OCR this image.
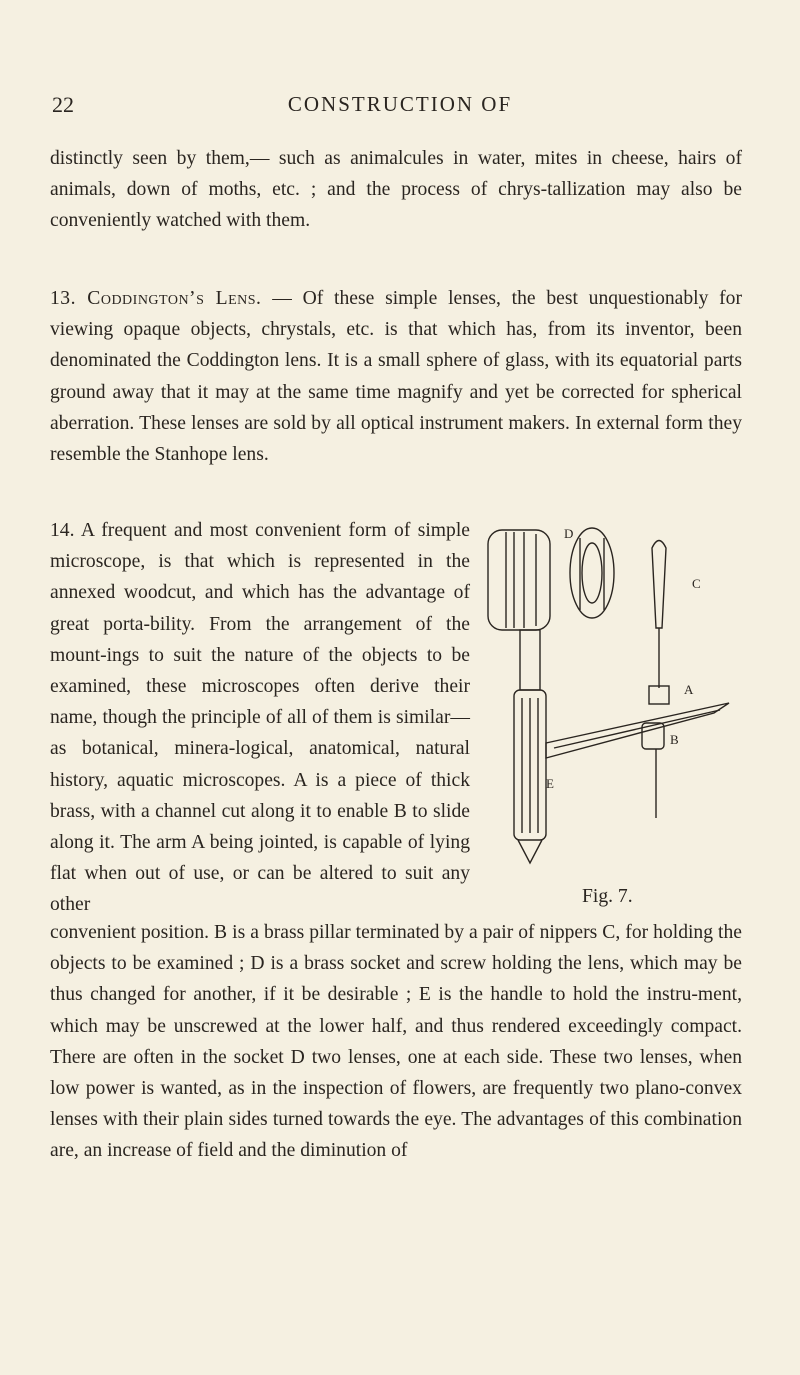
22	CONSTRUCTION OF

distinctly seen by them,— such as animalcules in water, mites in cheese, hairs of animals, down of moths, etc. ; and the process of chrys-tallization may also be conveniently watched with them.

13. Coddington’s Lens. — Of these simple lenses, the best unquestionably for viewing opaque objects, chrystals, etc. is that which has, from its inventor, been denominated the Coddington lens. It is a small sphere of glass, with its equatorial parts ground away that it may at the same time magnify and yet be corrected for spherical aberration. These lenses are sold by all optical instrument makers. In external form they resemble the Stanhope lens.

14. A frequent and most convenient form of simple microscope, is that which is represented in the annexed woodcut, and which has the advantage of great porta-bility. From the arrangement of the mount-ings to suit the nature of the objects to be examined, these microscopes often derive their name, though the principle of all of them is similar—as botanical, minera-logical, anatomical, natural history, aquatic microscopes. A is a piece of thick brass, with a channel cut along it to enable B to slide along it. The arm A being jointed, is capable of lying flat when out of use, or can be altered to suit any other

D
C
A
B
E
Fig. 7.

convenient position. B is a brass pillar terminated by a pair of nippers C, for holding the objects to be examined ; D is a brass socket and screw holding the lens, which may be thus changed for another, if it be desirable ; E is the handle to hold the instru-ment, which may be unscrewed at the lower half, and thus rendered exceedingly compact. There are often in the socket D two lenses, one at each side. These two lenses, when low power is wanted, as in the inspection of flowers, are frequently two plano-convex lenses with their plain sides turned towards the eye. The advantages of this combination are, an increase of field and the diminution of
